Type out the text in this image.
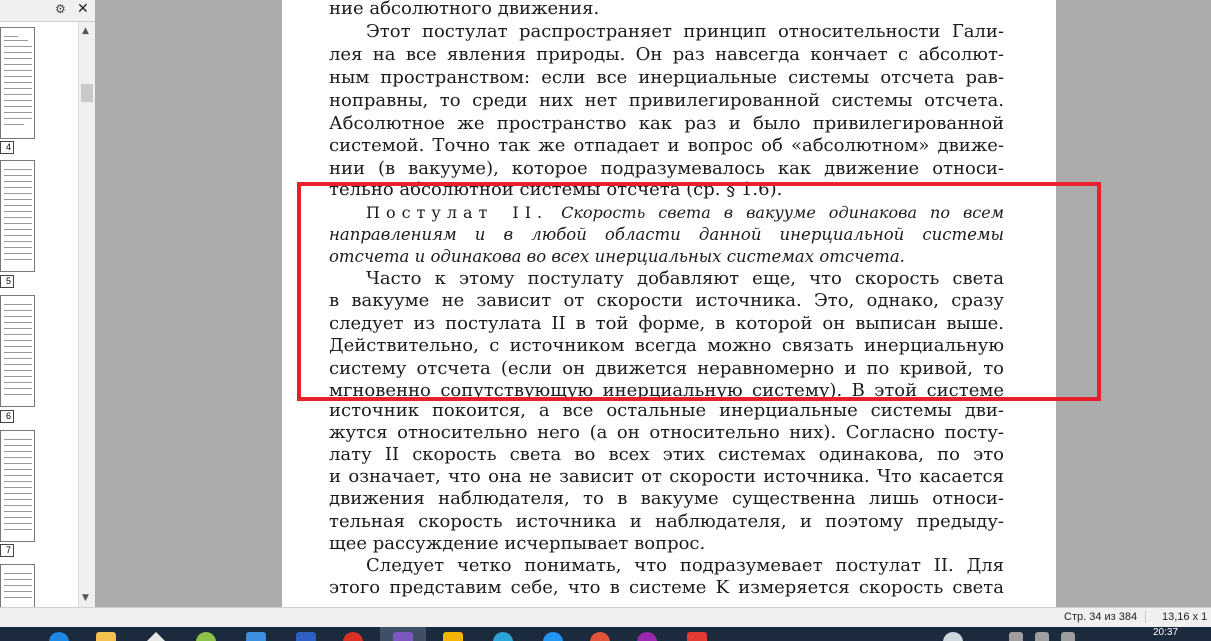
⚙ ✕
4
5
6
7
▲
▼
ние абсолютного движения.
Этот постулат распространяет принцип относительности Гали-
лея на все явления природы. Он раз навсегда кончает с абсолют-
ным пространством: если все инерциальные системы отсчета рав-
ноправны, то среди них нет привилегированной системы отсчета.
Абсолютное же пространство как раз и было привилегированной
системой. Точно так же отпадает и вопрос об «абсолютном» движе-
нии (в вакууме), которое подразумевалось как движение относи-
тельно абсолютной системы отсчета (ср. § 1.6).
Постулат II. Скорость света в вакууме одинакова по всем
направлениям и в любой области данной инерциальной системы
отсчета и одинакова во всех инерциальных системах отсчета.
Часто к этому постулату добавляют еще, что скорость света
в вакууме не зависит от скорости источника. Это, однако, сразу
следует из постулата II в той форме, в которой он выписан выше.
Действительно, с источником всегда можно связать инерциальную
систему отсчета (если он движется неравномерно и по кривой, то
мгновенно сопутствующую инерциальную систему). В этой системе
источник покоится, а все остальные инерциальные системы дви-
жутся относительно него (а он относительно них). Согласно посту-
лату II скорость света во всех этих системах одинакова, по это
и означает, что она не зависит от скорости источника. Что касается
движения наблюдателя, то в вакууме существенна лишь относи-
тельная скорость источника и наблюдателя, и поэтому предыду-
щее рассуждение исчерпывает вопрос.
Следует четко понимать, что подразумевает постулат II. Для
этого представим себе, что в системе K измеряется скорость света
Стр. 34 из 384	13,16 x 1
20:37
